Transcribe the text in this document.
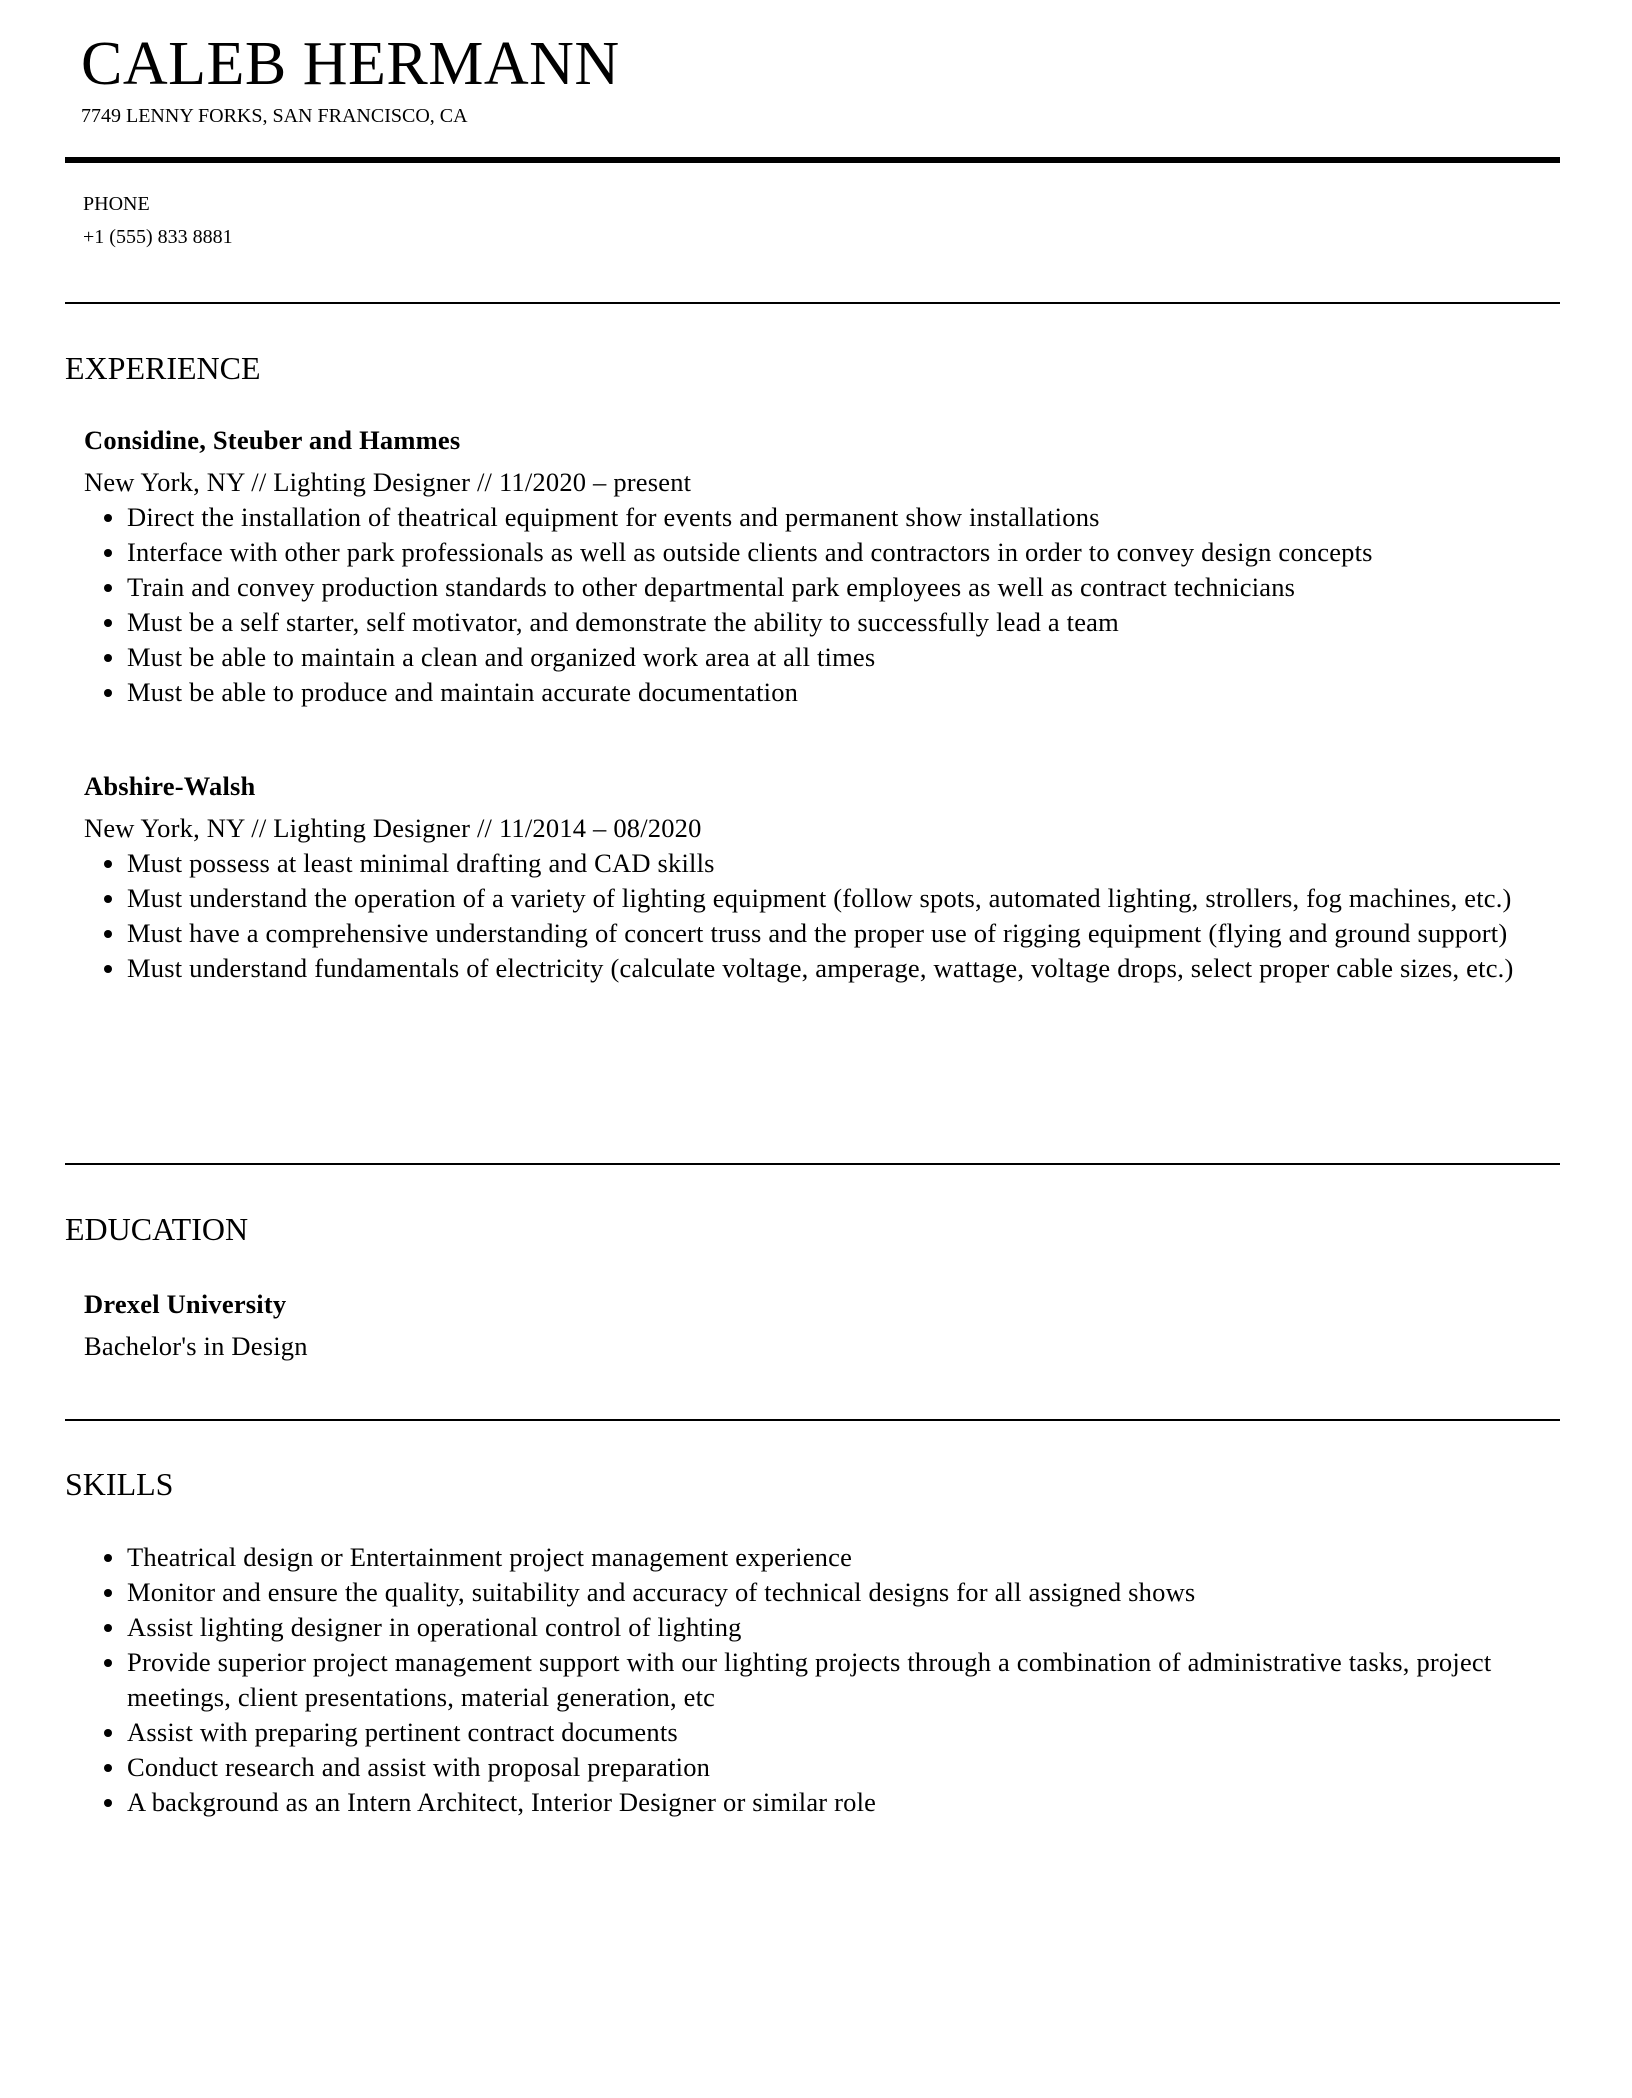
CALEB HERMANN
7749 LENNY FORKS, SAN FRANCISCO, CA
PHONE
+1 (555) 833 8881
EXPERIENCE

Considine, Steuber and Hammes

New York, NY // Lighting Designer // 11/2020 – present

• Direct the installation of theatrical equipment for events and permanent show installations
• Interface with other park professionals as well as outside clients and contractors in order to convey design concepts
• Train and convey production standards to other departmental park employees as well as contract technicians
• Must be a self starter, self motivator, and demonstrate the ability to successfully lead a team
• Must be able to maintain a clean and organized work area at all times
• Must be able to produce and maintain accurate documentation

Abshire-Walsh

New York, NY // Lighting Designer // 11/2014 – 08/2020

• Must possess at least minimal drafting and CAD skills
• Must understand the operation of a variety of lighting equipment (follow spots, automated lighting, strollers, fog machines, etc.)
• Must have a comprehensive understanding of concert truss and the proper use of rigging equipment (flying and ground support)
• Must understand fundamentals of electricity (calculate voltage, amperage, wattage, voltage drops, select proper cable sizes, etc.)
EDUCATION

Drexel University

Bachelor's in Design

SKILLS
• Theatrical design or Entertainment project management experience
• Monitor and ensure the quality, suitability and accuracy of technical designs for all assigned shows
• Assist lighting designer in operational control of lighting
• Provide superior project management support with our lighting projects through a combination of administrative tasks, project meetings, client presentations, material generation, etc
• Assist with preparing pertinent contract documents
• Conduct research and assist with proposal preparation
• A background as an Intern Architect, Interior Designer or similar role
